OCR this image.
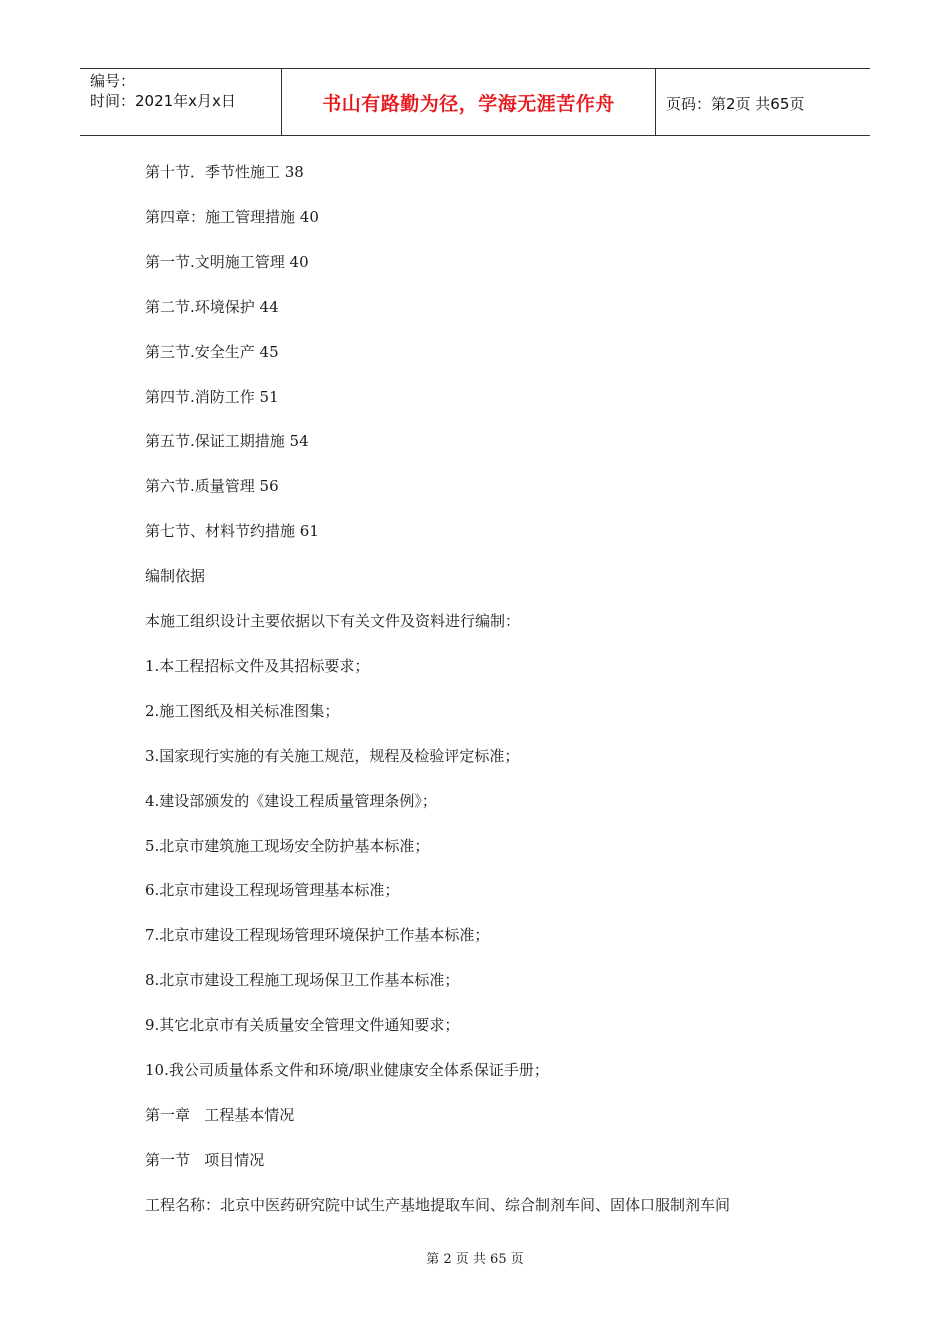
编号：
时间：2021年x月x日	书山有路勤为径，学海无涯苦作舟	页码：第2页 共65页
第十节．季节性施工 38
第四章：施工管理措施 40
第一节.文明施工管理 40
第二节.环境保护 44
第三节.安全生产 45
第四节.消防工作 51
第五节.保证工期措施 54
第六节.质量管理 56
第七节、材料节约措施 61
编制依据
本施工组织设计主要依据以下有关文件及资料进行编制：
1.本工程招标文件及其招标要求；
2.施工图纸及相关标准图集；
3.国家现行实施的有关施工规范，规程及检验评定标准；
4.建设部颁发的《建设工程质量管理条例》；
5.北京市建筑施工现场安全防护基本标准；
6.北京市建设工程现场管理基本标准；
7.北京市建设工程现场管理环境保护工作基本标准；
8.北京市建设工程施工现场保卫工作基本标准；
9.其它北京市有关质量安全管理文件通知要求；
10.我公司质量体系文件和环境/职业健康安全体系保证手册；
第一章   工程基本情况
第一节   项目情况
工程名称：北京中医药研究院中试生产基地提取车间、综合制剂车间、固体口服制剂车间
第 2 页 共 65 页
